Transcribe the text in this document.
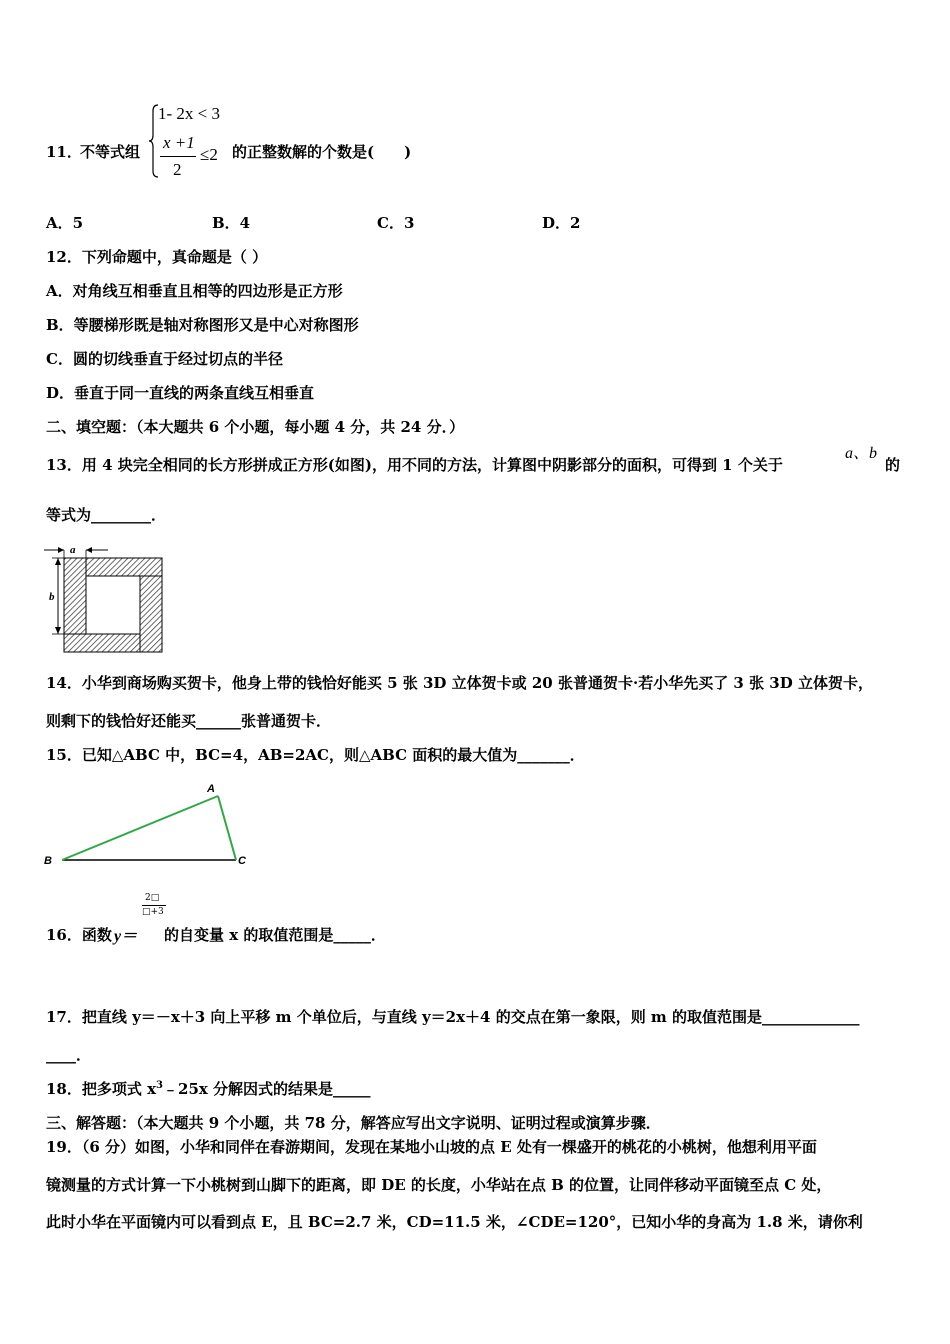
11．
不等式组
1- 2x < 3
x +1
2
≤2 的正整数解的个数是(　　)
A．5	B．4	C．3	D．2
12．下列命题中，真命题是（ ）
A．对角线互相垂直且相等的四边形是正方形
B．等腰梯形既是轴对称图形又是中心对称图形
C．圆的切线垂直于经过切点的半径
D．垂直于同一直线的两条直线互相垂直
二、填空题：（本大题共 6 个小题，每小题 4 分，共 24 分．）
13．用 4 块完全相同的长方形拼成正方形(如图)，用不同的方法，计算图中阴影部分的面积，可得到 1 个关于
a、b
的
等式为________．
a
b
14．小华到商场购买贺卡，他身上带的钱恰好能买 5 张 3D 立体贺卡或 20 张普通贺卡·若小华先买了 3 张 3D 立体贺卡，
则剩下的钱恰好还能买______张普通贺卡．
15．已知△ABC 中，BC=4，AB=2AC，则△ABC 面积的最大值为_______．
A
B	C
16．函数 y＝
2□
□+3
的自变量 x 的取值范围是_____．
17．把直线 y＝－x＋3 向上平移 m 个单位后，与直线 y＝2x＋4 的交点在第一象限，则 m 的取值范围是_____________
____．
18．把多项式 $x^3﹣25x$ 分解因式的结果是_____
三、解答题：（本大题共 9 个小题，共 78 分，解答应写出文字说明、证明过程或演算步骤．
19．（6 分）如图，小华和同伴在春游期间，发现在某地小山坡的点 E 处有一棵盛开的桃花的小桃树，他想利用平面
镜测量的方式计算一下小桃树到山脚下的距离，即 DE 的长度，小华站在点 B 的位置，让同伴移动平面镜至点 C 处，
此时小华在平面镜内可以看到点 E，且 BC=2.7 米，CD=11.5 米，∠CDE=120°，已知小华的身高为 1.8 米，请你利
